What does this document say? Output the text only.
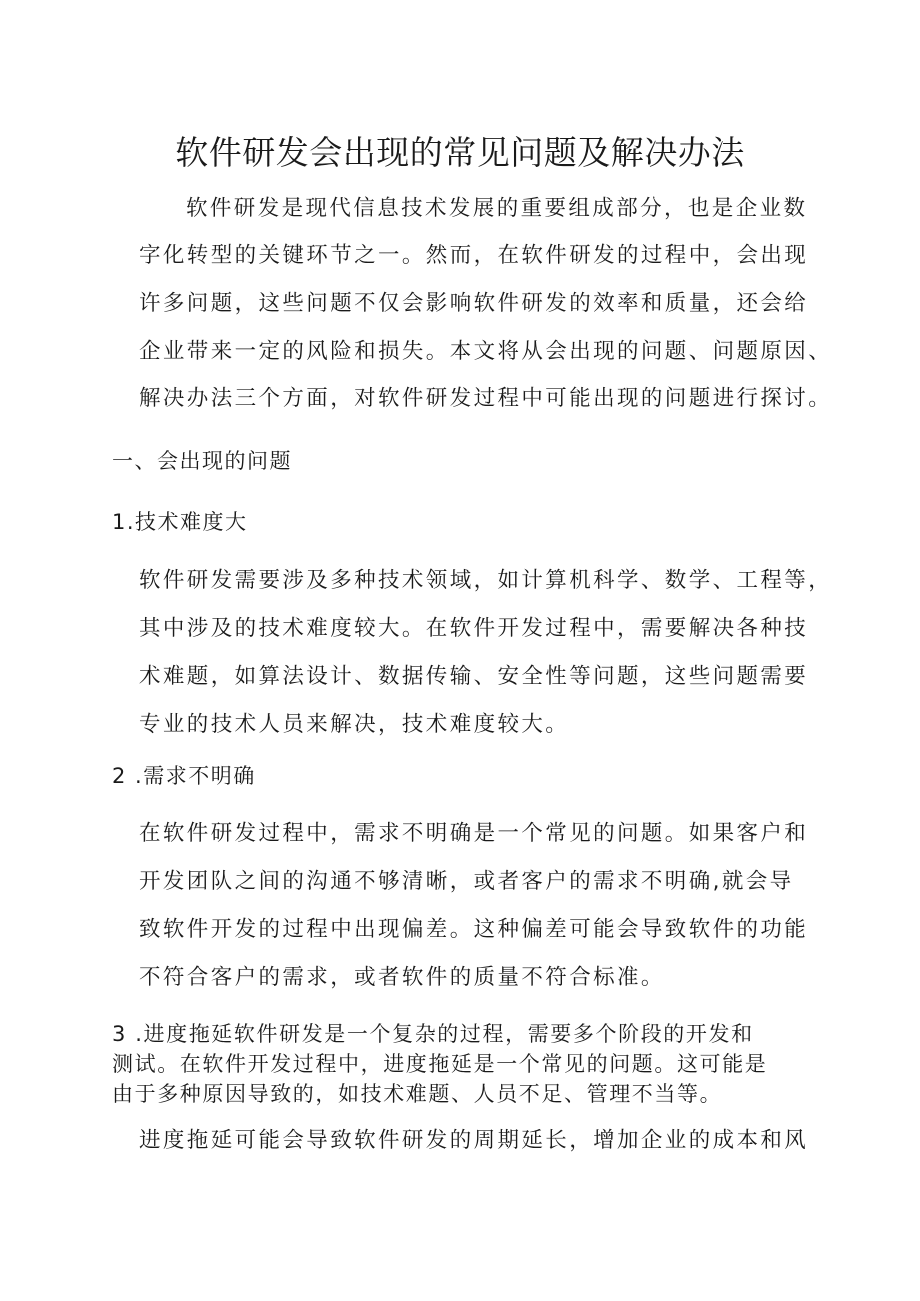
软件研发会出现的常见问题及解决办法
软件研发是现代信息技术发展的重要组成部分，也是企业数
字化转型的关键环节之一。然而，在软件研发的过程中，会出现
许多问题，这些问题不仅会影响软件研发的效率和质量，还会给
企业带来一定的风险和损失。本文将从会出现的问题、问题原因、
解决办法三个方面，对软件研发过程中可能出现的问题进行探讨。
一、会出现的问题
1.技术难度大
软件研发需要涉及多种技术领域，如计算机科学、数学、工程等，
其中涉及的技术难度较大。在软件开发过程中，需要解决各种技
术难题，如算法设计、数据传输、安全性等问题，这些问题需要
专业的技术人员来解决，技术难度较大。
2 .需求不明确
在软件研发过程中，需求不明确是一个常见的问题。如果客户和
开发团队之间的沟通不够清晰，或者客户的需求不明确,就会导
致软件开发的过程中出现偏差。这种偏差可能会导致软件的功能
不符合客户的需求，或者软件的质量不符合标准。
3 .进度拖延软件研发是一个复杂的过程，需要多个阶段的开发和
测试。在软件开发过程中，进度拖延是一个常见的问题。这可能是
由于多种原因导致的，如技术难题、人员不足、管理不当等。
进度拖延可能会导致软件研发的周期延长，增加企业的成本和风
